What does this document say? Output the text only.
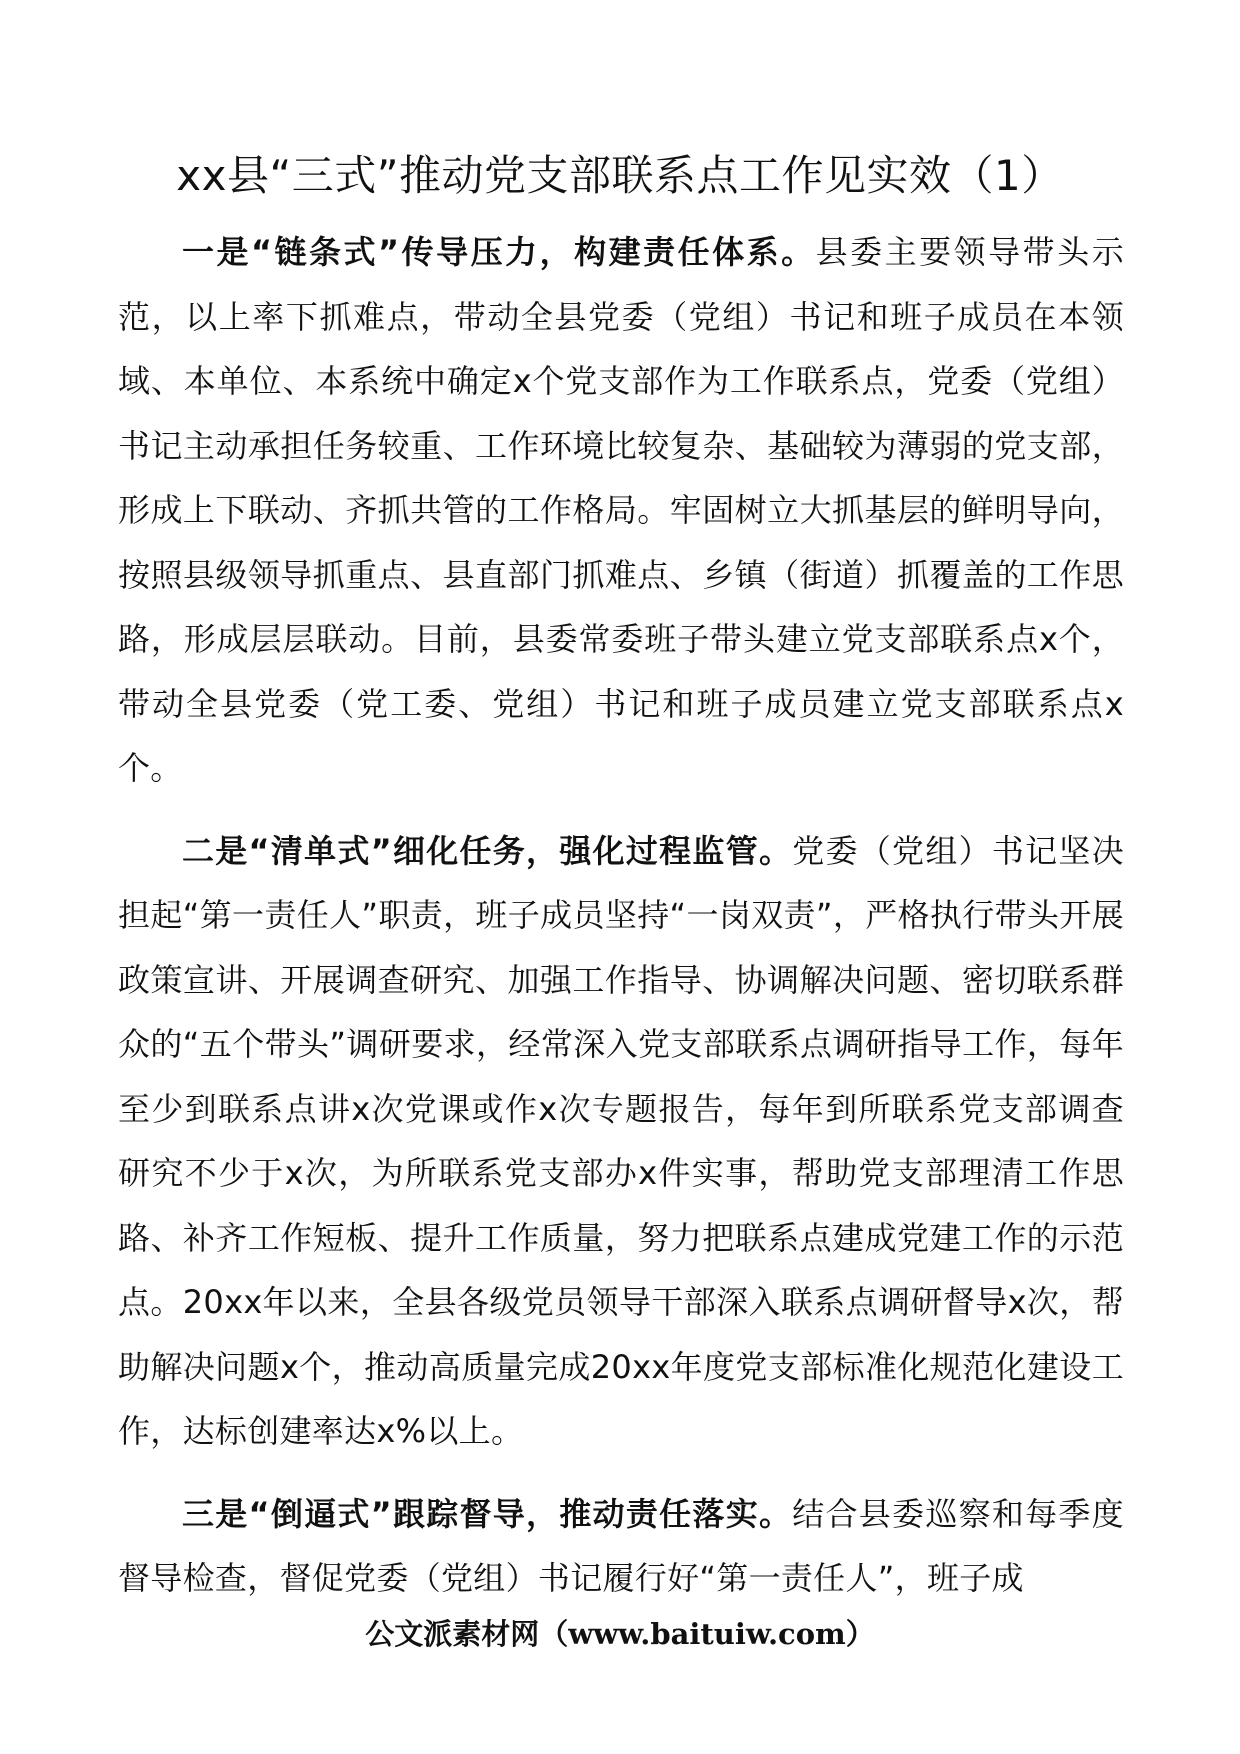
xx县“三式”推动党支部联系点工作见实效（1）

一是“链条式”传导压力，构建责任体系。县委主要领导带头示范，以上率下抓难点，带动全县党委（党组）书记和班子成员在本领域、本单位、本系统中确定x个党支部作为工作联系点，党委（党组）书记主动承担任务较重、工作环境比较复杂、基础较为薄弱的党支部，形成上下联动、齐抓共管的工作格局。牢固树立大抓基层的鲜明导向，按照县级领导抓重点、县直部门抓难点、乡镇（街道）抓覆盖的工作思路，形成层层联动。目前，县委常委班子带头建立党支部联系点x个，带动全县党委（党工委、党组）书记和班子成员建立党支部联系点x个。

二是“清单式”细化任务，强化过程监管。党委（党组）书记坚决担起“第一责任人”职责，班子成员坚持“一岗双责”，严格执行带头开展政策宣讲、开展调查研究、加强工作指导、协调解决问题、密切联系群众的“五个带头”调研要求，经常深入党支部联系点调研指导工作，每年至少到联系点讲x次党课或作x次专题报告，每年到所联系党支部调查研究不少于x次，为所联系党支部办x件实事，帮助党支部理清工作思路、补齐工作短板、提升工作质量，努力把联系点建成党建工作的示范点。20xx年以来，全县各级党员领导干部深入联系点调研督导x次，帮助解决问题x个，推动高质量完成20xx年度党支部标准化规范化建设工作，达标创建率达x%以上。

三是“倒逼式”跟踪督导，推动责任落实。结合县委巡察和每季度督导检查，督促党委（党组）书记履行好“第一责任人”，班子成

公文派素材网（www.baituiw.com）
